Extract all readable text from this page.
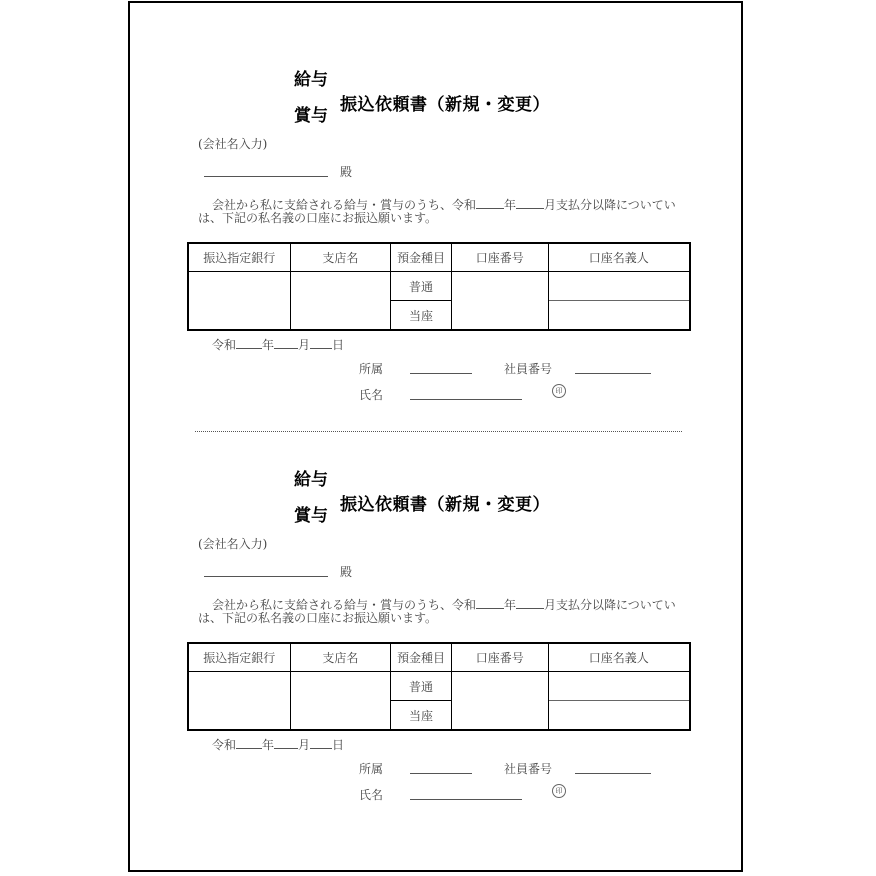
給与
賞与
振込依頼書（新規・変更）
(会社名入力)
殿
会社から私に支給される給与・賞与のうち、令和 年 月支払分以降についてい
は、下記の私名義の口座にお振込願います。
振込指定銀行	支店名	預金種目	口座番号	口座名義人
		普通		

		当座		
令和 年 月 日
所属	社員番号
氏名	印
給与
賞与
振込依頼書（新規・変更）
(会社名入力)
殿
会社から私に支給される給与・賞与のうち、令和 年 月支払分以降についてい
は、下記の私名義の口座にお振込願います。
振込指定銀行	支店名	預金種目	口座番号	口座名義人
		普通		

		当座		
令和 年 月 日
所属	社員番号
氏名	印
